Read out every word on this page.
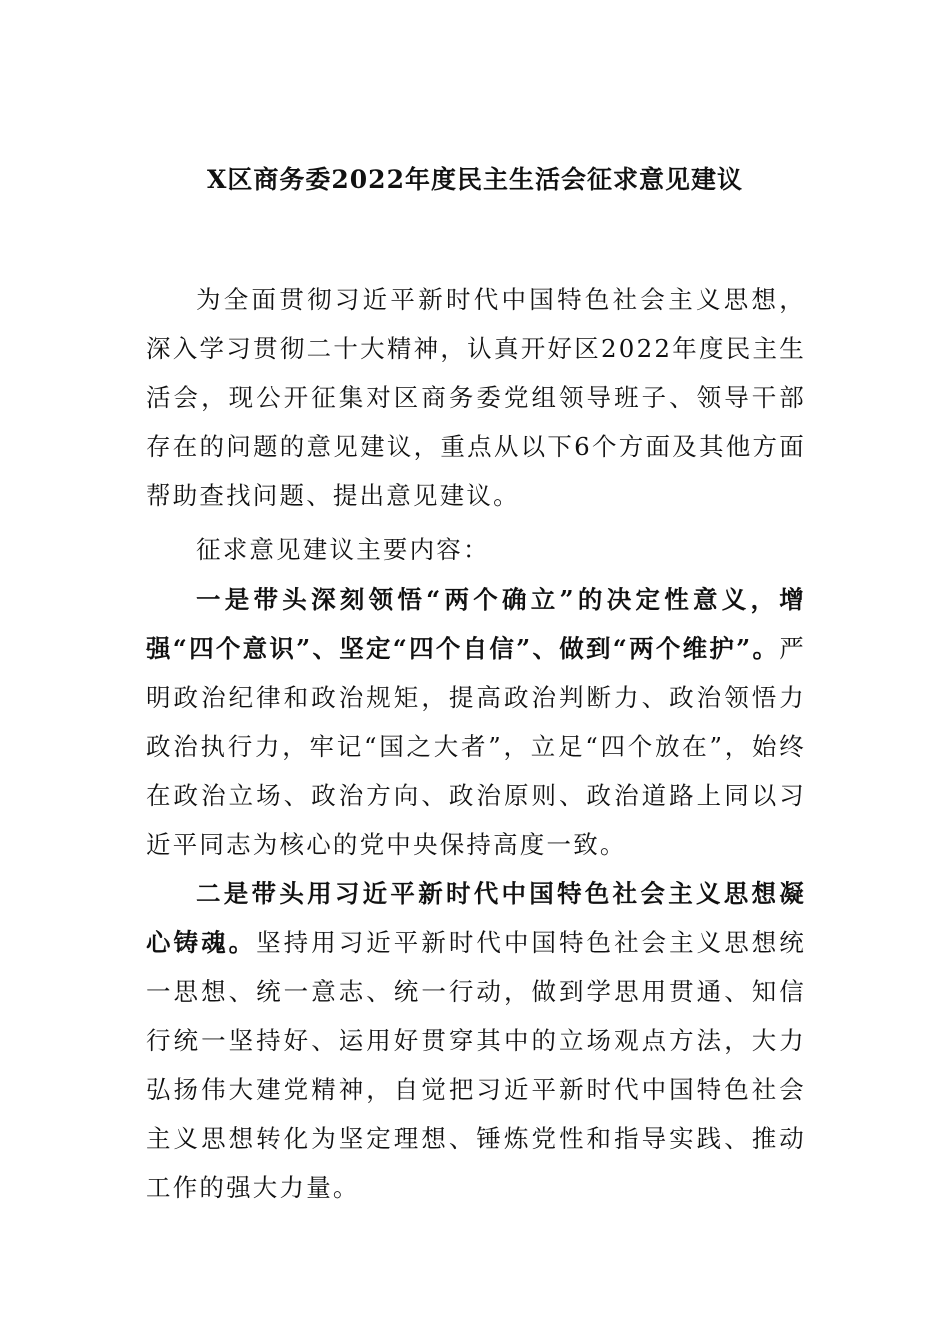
X区商务委2022年度民主生活会征求意见建议

为全面贯彻习近平新时代中国特色社会主义思想，深入学习贯彻二十大精神，认真开好区2022年度民主生活会，现公开征集对区商务委党组领导班子、领导干部存在的问题的意见建议，重点从以下6个方面及其他方面帮助查找问题、提出意见建议。

征求意见建议主要内容：

一是带头深刻领悟“两个确立”的决定性意义，增强“四个意识”、坚定“四个自信”、做到“两个维护”。严明政治纪律和政治规矩，提高政治判断力、政治领悟力政治执行力，牢记“国之大者”，立足“四个放在”，始终在政治立场、政治方向、政治原则、政治道路上同以习近平同志为核心的党中央保持高度一致。

二是带头用习近平新时代中国特色社会主义思想凝心铸魂。坚持用习近平新时代中国特色社会主义思想统一思想、统一意志、统一行动，做到学思用贯通、知信行统一坚持好、运用好贯穿其中的立场观点方法，大力弘扬伟大建党精神，自觉把习近平新时代中国特色社会主义思想转化为坚定理想、锤炼党性和指导实践、推动工作的强大力量。
